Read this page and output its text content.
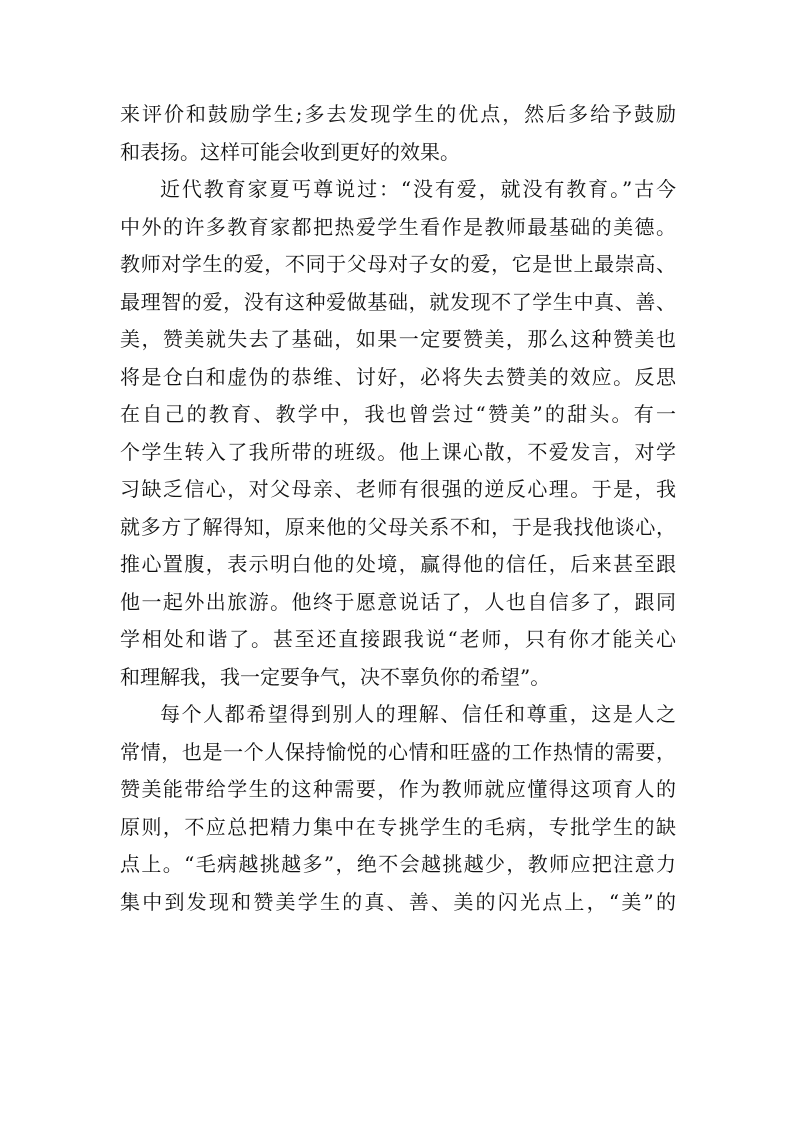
来评价和鼓励学生;多去发现学生的优点，然后多给予鼓励
和表扬。这样可能会收到更好的效果。
近代教育家夏丐尊说过：“没有爱，就没有教育。”古今
中外的许多教育家都把热爱学生看作是教师最基础的美德。
教师对学生的爱，不同于父母对子女的爱，它是世上最崇高、
最理智的爱，没有这种爱做基础，就发现不了学生中真、善、
美，赞美就失去了基础，如果一定要赞美，那么这种赞美也
将是仓白和虚伪的恭维、讨好，必将失去赞美的效应。反思
在自己的教育、教学中，我也曾尝过“赞美”的甜头。有一
个学生转入了我所带的班级。他上课心散，不爱发言，对学
习缺乏信心，对父母亲、老师有很强的逆反心理。于是，我
就多方了解得知，原来他的父母关系不和，于是我找他谈心，
推心置腹，表示明白他的处境，赢得他的信任，后来甚至跟
他一起外出旅游。他终于愿意说话了，人也自信多了，跟同
学相处和谐了。甚至还直接跟我说“老师，只有你才能关心
和理解我，我一定要争气，决不辜负你的希望”。
每个人都希望得到别人的理解、信任和尊重，这是人之
常情，也是一个人保持愉悦的心情和旺盛的工作热情的需要，
赞美能带给学生的这种需要，作为教师就应懂得这项育人的
原则，不应总把精力集中在专挑学生的毛病，专批学生的缺
点上。“毛病越挑越多”，绝不会越挑越少，教师应把注意力
集中到发现和赞美学生的真、善、美的闪光点上，“美”的
